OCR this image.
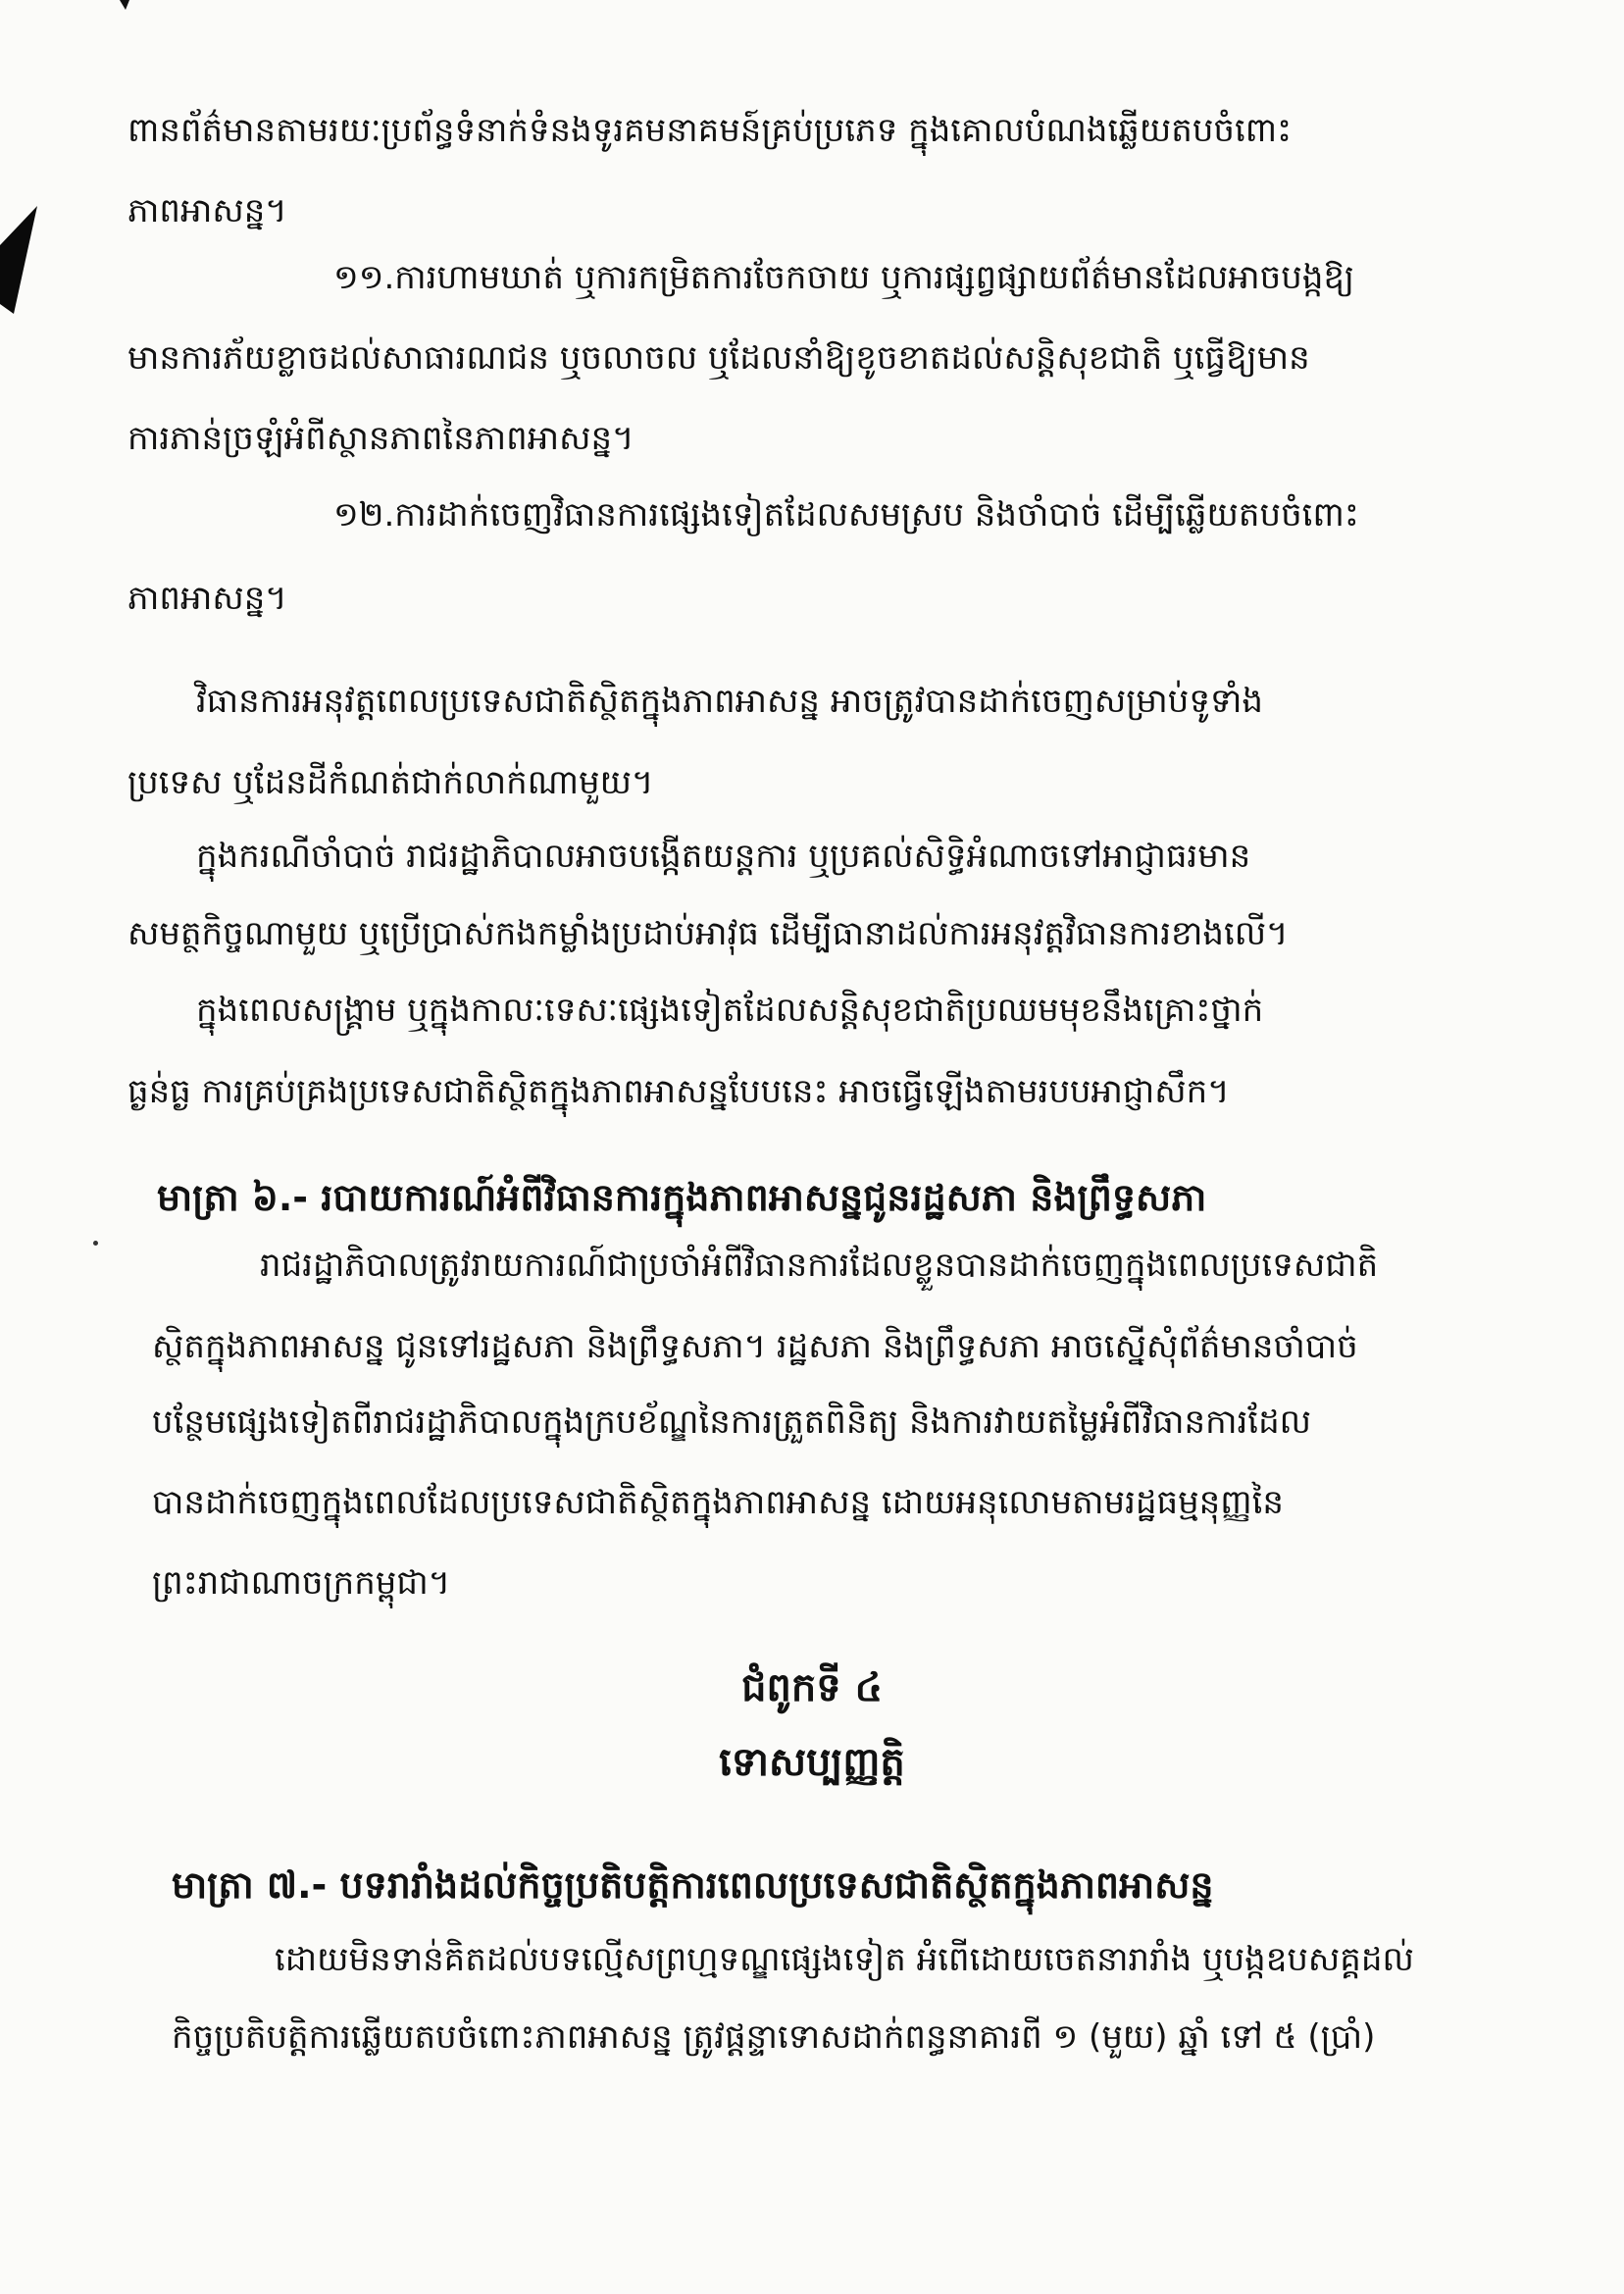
ពានព័ត៌មានតាមរយៈប្រព័ន្ធទំនាក់ទំនងទូរគមនាគមន៍គ្រប់ប្រភេទ ក្នុងគោលបំណងឆ្លើយតបចំពោះ
ភាពអាសន្ន។
១១.ការហាមឃាត់ ឬការកម្រិតការចែកចាយ ឬការផ្សព្វផ្សាយព័ត៌មានដែលអាចបង្កឱ្យ
មានការភ័យខ្លាចដល់សាធារណជន ឬចលាចល ឬដែលនាំឱ្យខូចខាតដល់សន្តិសុខជាតិ ឬធ្វើឱ្យមាន
ការភាន់ច្រឡំអំពីស្ថានភាពនៃភាពអាសន្ន។
១២.ការដាក់ចេញវិធានការផ្សេងទៀតដែលសមស្រប និងចាំបាច់ ដើម្បីឆ្លើយតបចំពោះ
ភាពអាសន្ន។
វិធានការអនុវត្តពេលប្រទេសជាតិស្ថិតក្នុងភាពអាសន្ន អាចត្រូវបានដាក់ចេញសម្រាប់ទូទាំង
ប្រទេស ឬដែនដីកំណត់ជាក់លាក់ណាមួយ។
ក្នុងករណីចាំបាច់ រាជរដ្ឋាភិបាលអាចបង្កើតយន្តការ ឬប្រគល់សិទ្ធិអំណាចទៅអាជ្ញាធរមាន
សមត្ថកិច្ចណាមួយ ឬប្រើប្រាស់កងកម្លាំងប្រដាប់អាវុធ ដើម្បីធានាដល់ការអនុវត្តវិធានការខាងលើ។
ក្នុងពេលសង្គ្រាម ឬក្នុងកាលៈទេសៈផ្សេងទៀតដែលសន្តិសុខជាតិប្រឈមមុខនឹងគ្រោះថ្នាក់
ធ្ងន់ធ្ង ការគ្រប់គ្រងប្រទេសជាតិស្ថិតក្នុងភាពអាសន្នបែបនេះ អាចធ្វើឡើងតាមរបបអាជ្ញាសឹក។
មាត្រា ៦.- របាយការណ៍អំពីវិធានការក្នុងភាពអាសន្នជូនរដ្ឋសភា និងព្រឹទ្ធសភា
រាជរដ្ឋាភិបាលត្រូវរាយការណ៍ជាប្រចាំអំពីវិធានការដែលខ្លួនបានដាក់ចេញក្នុងពេលប្រទេសជាតិ
ស្ថិតក្នុងភាពអាសន្ន ជូនទៅរដ្ឋសភា និងព្រឹទ្ធសភា។ រដ្ឋសភា និងព្រឹទ្ធសភា អាចស្នើសុំព័ត៌មានចាំបាច់
បន្ថែមផ្សេងទៀតពីរាជរដ្ឋាភិបាលក្នុងក្របខ័ណ្ឌនៃការត្រួតពិនិត្យ និងការវាយតម្លៃអំពីវិធានការដែល
បានដាក់ចេញក្នុងពេលដែលប្រទេសជាតិស្ថិតក្នុងភាពអាសន្ន ដោយអនុលោមតាមរដ្ឋធម្មនុញ្ញនៃ
ព្រះរាជាណាចក្រកម្ពុជា។
ជំពូកទី ៤
ទោសប្បញ្ញត្តិ
មាត្រា ៧.- បទរារាំងដល់កិច្ចប្រតិបត្តិការពេលប្រទេសជាតិស្ថិតក្នុងភាពអាសន្ន
ដោយមិនទាន់គិតដល់បទល្មើសព្រហ្មទណ្ឌផ្សេងទៀត អំពើដោយចេតនារារាំង ឬបង្កឧបសគ្គដល់
កិច្ចប្រតិបត្តិការឆ្លើយតបចំពោះភាពអាសន្ន ត្រូវផ្តន្ទាទោសដាក់ពន្ធនាគារពី ១ (មួយ) ឆ្នាំ ទៅ ៥ (ប្រាំ)
